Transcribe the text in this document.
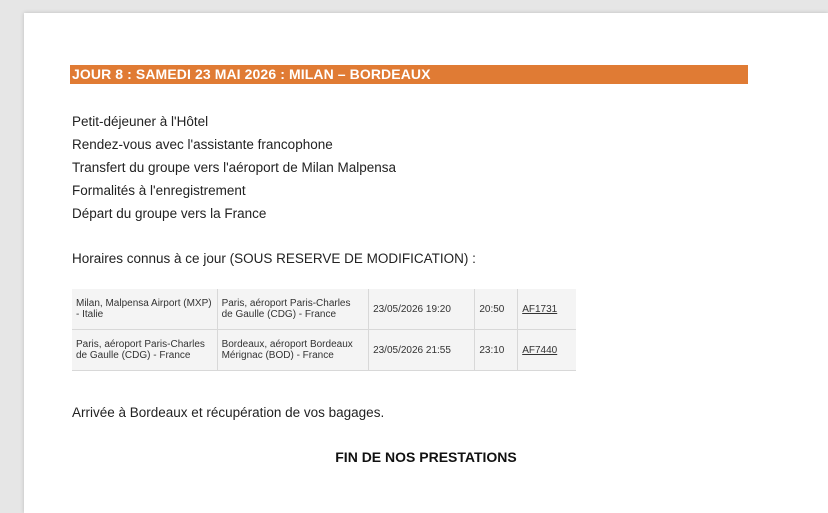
JOUR 8 : SAMEDI 23 MAI 2026 : MILAN – BORDEAUX
Petit-déjeuner à l'Hôtel
Rendez-vous avec l'assistante francophone
Transfert du groupe vers l'aéroport de Milan Malpensa
Formalités à l'enregistrement
Départ du groupe vers la France
Horaires connus à ce jour (SOUS RESERVE DE MODIFICATION) :
Milan, Malpensa Airport (MXP) - Italie	Paris, aéroport Paris-Charles de Gaulle (CDG) - France	23/05/2026 19:20	20:50	AF1731
Paris, aéroport Paris-Charles de Gaulle (CDG) - France	Bordeaux, aéroport Bordeaux Mérignac (BOD) - France	23/05/2026 21:55	23:10	AF7440
Arrivée à Bordeaux et récupération de vos bagages.
FIN DE NOS PRESTATIONS
